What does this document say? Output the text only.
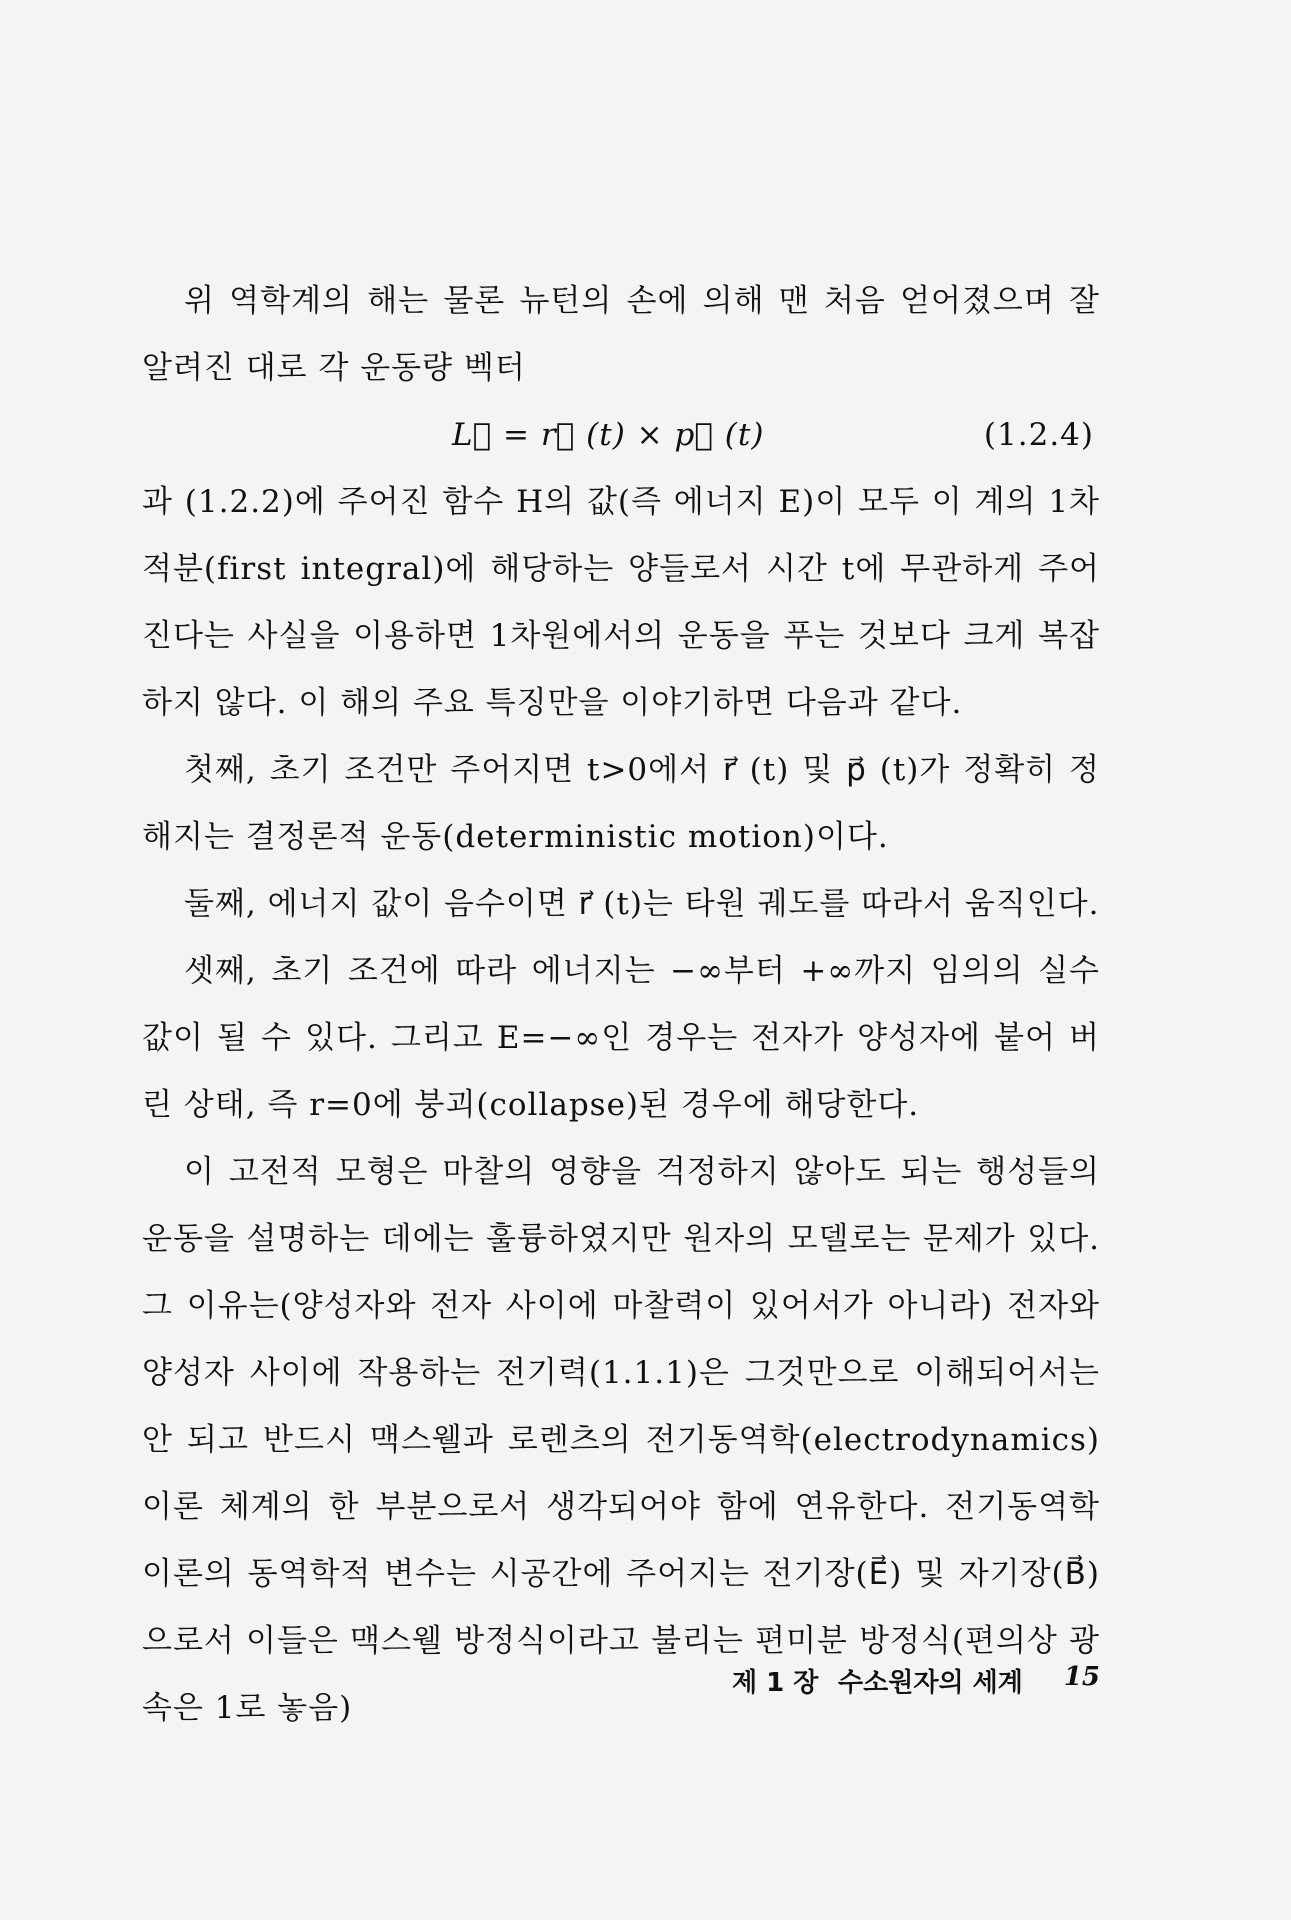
위 역학계의 해는 물론 뉴턴의 손에 의해 맨 처음 얻어졌으며 잘 알려진 대로 각 운동량 벡터

L⃗ = r⃗ (t) × p⃗ (t)	(1.2.4)

과 (1.2.2)에 주어진 함수 H의 값(즉 에너지 E)이 모두 이 계의 1차 적분(first integral)에 해당하는 양들로서 시간 t에 무관하게 주어진다는 사실을 이용하면 1차원에서의 운동을 푸는 것보다 크게 복잡하지 않다. 이 해의 주요 특징만을 이야기하면 다음과 같다.

첫째, 초기 조건만 주어지면 t>0에서 r⃗ (t) 및 p⃗ (t)가 정확히 정해지는 결정론적 운동(deterministic motion)이다.

둘째, 에너지 값이 음수이면 r⃗ (t)는 타원 궤도를 따라서 움직인다.

셋째, 초기 조건에 따라 에너지는 −∞부터 +∞까지 임의의 실수값이 될 수 있다. 그리고 E=−∞인 경우는 전자가 양성자에 붙어 버린 상태, 즉 r=0에 붕괴(collapse)된 경우에 해당한다.

이 고전적 모형은 마찰의 영향을 걱정하지 않아도 되는 행성들의 운동을 설명하는 데에는 훌륭하였지만 원자의 모델로는 문제가 있다. 그 이유는(양성자와 전자 사이에 마찰력이 있어서가 아니라) 전자와 양성자 사이에 작용하는 전기력(1.1.1)은 그것만으로 이해되어서는 안 되고 반드시 맥스웰과 로렌츠의 전기동역학(electrodynamics) 이론 체계의 한 부분으로서 생각되어야 함에 연유한다. 전기동역학 이론의 동역학적 변수는 시공간에 주어지는 전기장(E⃗) 및 자기장(B⃗)으로서 이들은 맥스웰 방정식이라고 불리는 편미분 방정식(편의상 광속은 1로 놓음)

제 1 장 수소원자의 세계 15
